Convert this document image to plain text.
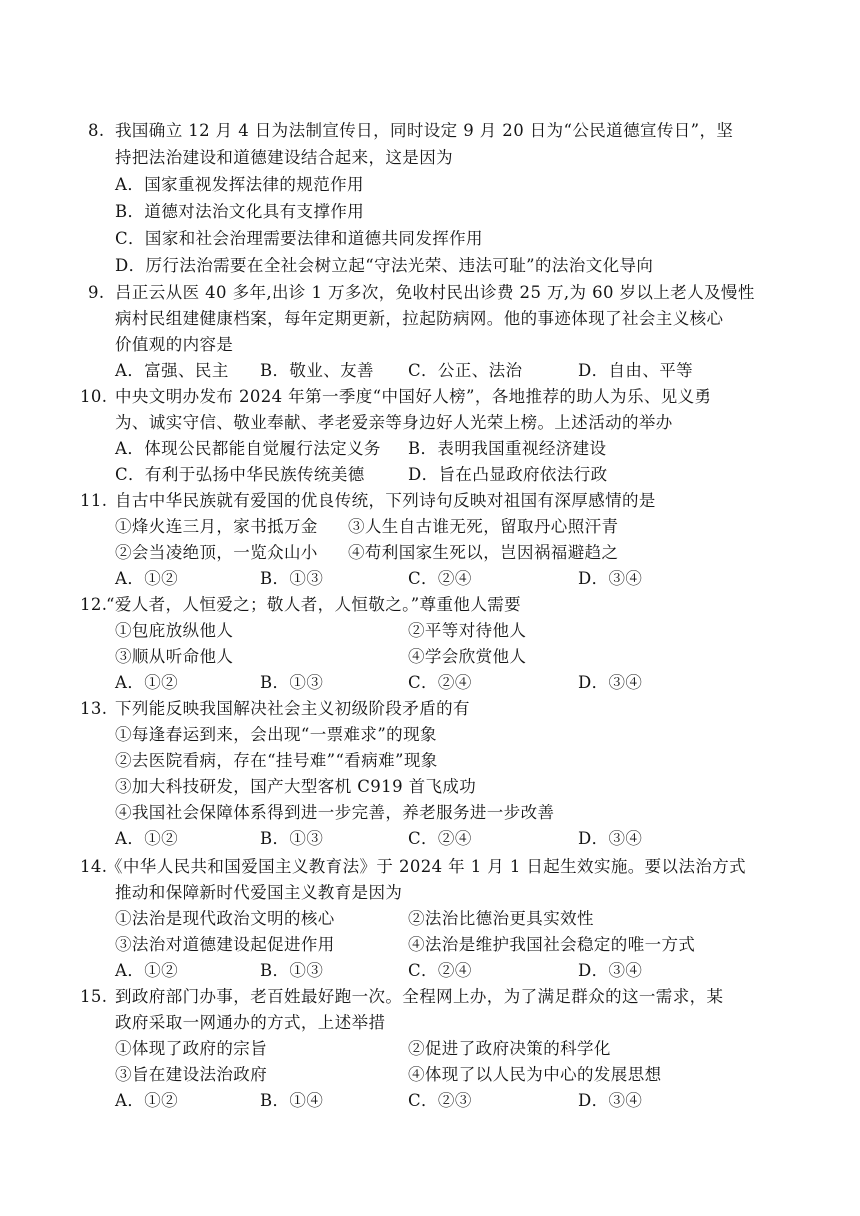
8. 我国确立 12 月 4 日为法制宣传日，同时设定 9 月 20 日为“公民道德宣传日”，坚
持把法治建设和道德建设结合起来，这是因为
A．国家重视发挥法律的规范作用
B．道德对法治文化具有支撑作用
C．国家和社会治理需要法律和道德共同发挥作用
D．厉行法治需要在全社会树立起“守法光荣、违法可耻”的法治文化导向
9. 吕正云从医 40 多年,出诊 1 万多次，免收村民出诊费 25 万,为 60 岁以上老人及慢性
病村民组建健康档案，每年定期更新，拉起防病网。他的事迹体现了社会主义核心
价值观的内容是
A．富强、民主 B．敬业、友善 C．公正、法治	D．自由、平等
10. 中央文明办发布 2024 年第一季度“中国好人榜”，各地推荐的助人为乐、见义勇
为、诚实守信、敬业奉献、孝老爱亲等身边好人光荣上榜。上述活动的举办
A．体现公民都能自觉履行法定义务 B．表明我国重视经济建设
C．有利于弘扬中华民族传统美德	D．旨在凸显政府依法行政
11. 自古中华民族就有爱国的优良传统，下列诗句反映对祖国有深厚感情的是
①烽火连三月，家书抵万金 ③人生自古谁无死，留取丹心照汗青
②会当凌绝顶，一览众山小 ④苟利国家生死以，岂因祸福避趋之
A．①②	B．①③	C．②④	D．③④
12.
“爱人者，人恒爱之；敬人者，人恒敬之。”尊重他人需要
①包庇放纵他人	②平等对待他人
③顺从听命他人	④学会欣赏他人
A．①②	B．①③	C．②④	D．③④
13. 下列能反映我国解决社会主义初级阶段矛盾的有
①每逢春运到来，会出现“一票难求”的现象
②去医院看病，存在“挂号难”“看病难”现象
③加大科技研发，国产大型客机 C919 首飞成功
④我国社会保障体系得到进一步完善，养老服务进一步改善
A．①②	B．①③	C．②④	D．③④
14.
《中华人民共和国爱国主义教育法》于 2024 年 1 月 1 日起生效实施。要以法治方式
推动和保障新时代爱国主义教育是因为
①法治是现代政治文明的核心	②法治比德治更具实效性
③法治对道德建设起促进作用	④法治是维护我国社会稳定的唯一方式
A．①②	B．①③	C．②④	D．③④
15. 到政府部门办事，老百姓最好跑一次。全程网上办，为了满足群众的这一需求，某
政府采取一网通办的方式，上述举措
①体现了政府的宗旨	②促进了政府决策的科学化
③旨在建设法治政府	④体现了以人民为中心的发展思想
A．①②	B．①④	C．②③	D．③④
